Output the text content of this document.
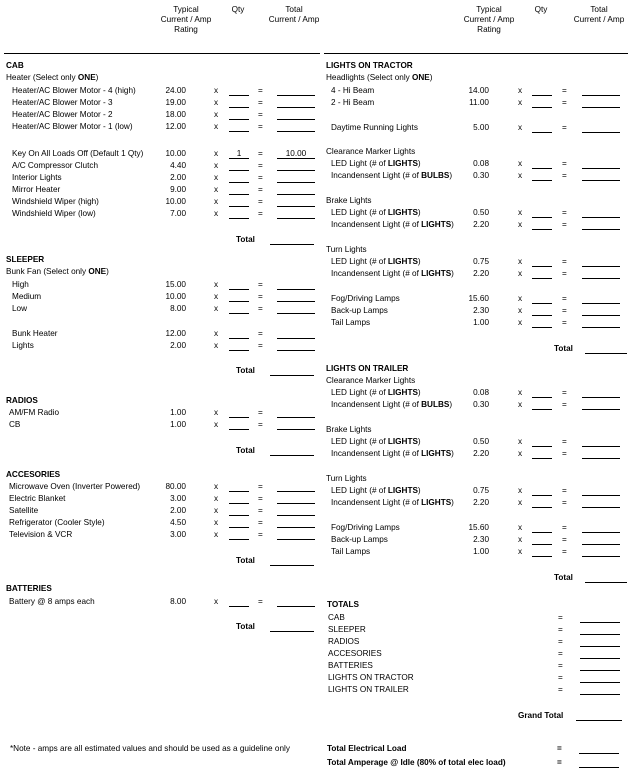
Typical
Current / Amp
Rating
Qty	Total
Current / Amp
Typical
Current / Amp
Rating
Qty	Total
Current / Amp
CAB
Heater (Select only ONE)
Heater/AC Blower Motor - 4 (high)	24.00	x	=
Heater/AC Blower Motor - 3	19.00	x	=
Heater/AC Blower Motor - 2	18.00	x	=
Heater/AC Blower Motor - 1 (low)	12.00	x	=
Key On All Loads Off (Default 1 Qty)	10.00	x	1	=	10.00
A/C Compressor Clutch	4.40	x	=
Interior Lights	2.00	x	=
Mirror Heater	9.00	x	=
Windshield Wiper (high)	10.00	x	=
Windshield Wiper (low)	7.00	x	=
Total
SLEEPER
Bunk Fan (Select only ONE)
High	15.00	x	=
Medium	10.00	x	=
Low	8.00	x	=
Bunk Heater	12.00	x	=
Lights	2.00	x	=
Total
RADIOS
AM/FM Radio	1.00	x	=
CB	1.00	x	=
Total
ACCESORIES
Microwave Oven (Inverter Powered)	80.00	x	=
Electric Blanket	3.00	x	=
Satellite	2.00	x	=
Refrigerator (Cooler Style)	4.50	x	=
Television & VCR	3.00	x	=
Total
BATTERIES
Battery @ 8 amps each	8.00	x	=
Total
LIGHTS ON TRACTOR
Headlights (Select only ONE)
4 - Hi Beam	14.00	x	=
2 - Hi Beam	11.00	x	=
Daytime Running Lights	5.00	x	=
Clearance Marker Lights
LED Light (# of LIGHTS)	0.08	x	=
Incandensent Light (# of BULBS)	0.30	x	=
Brake Lights
LED Light (# of LIGHTS)	0.50	x	=
Incandensent Light (# of LIGHTS)	2.20	x	=
Turn Lights
LED Light (# of LIGHTS)	0.75	x	=
Incandensent Light (# of LIGHTS)	2.20	x	=
Fog/Driving Lamps	15.60	x	=
Back-up Lamps	2.30	x	=
Tail Lamps	1.00	x	=
Total
LIGHTS ON TRAILER
Clearance Marker Lights
LED Light (# of LIGHTS)	0.08	x	=
Incandensent Light (# of BULBS)	0.30	x	=
Brake Lights
LED Light (# of LIGHTS)	0.50	x	=
Incandensent Light (# of LIGHTS)	2.20	x	=
Turn Lights
LED Light (# of LIGHTS)	0.75	x	=
Incandensent Light (# of LIGHTS)	2.20	x	=
Fog/Driving Lamps	15.60	x	=
Back-up Lamps	2.30	x	=
Tail Lamps	1.00	x	=
Total
TOTALS
CAB	=
SLEEPER	=
RADIOS	=
ACCESORIES	=
BATTERIES	=
LIGHTS ON TRACTOR	=
LIGHTS ON TRAILER	=
Grand Total
*Note - amps are all estimated values and should be used as a guideline only	Total Electrical Load	=
Total Amperage @ Idle (80% of total elec load)	=
